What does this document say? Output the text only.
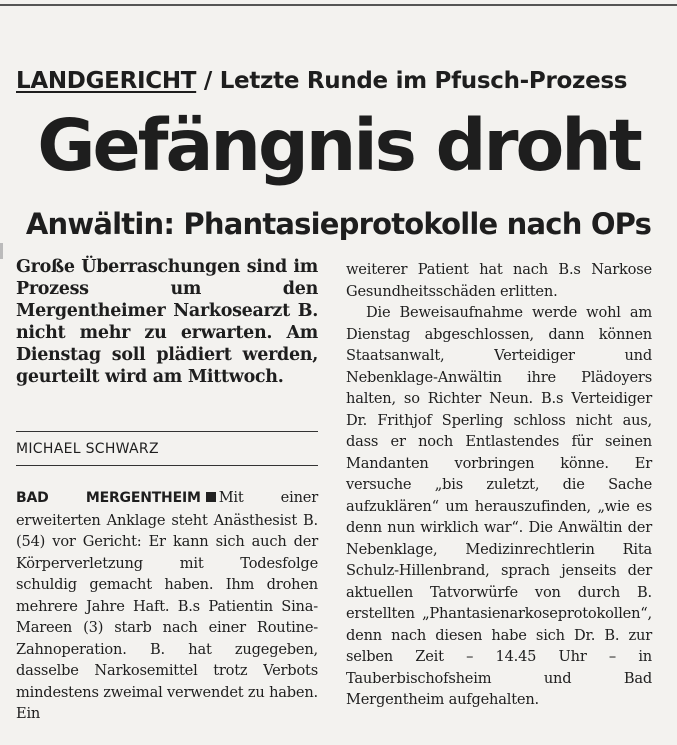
LANDGERICHT / Letzte Runde im Pfusch-Prozess
Gefängnis droht
Anwältin: Phantasieprotokolle nach OPs

Große Überraschungen sind im Prozess um den Mergentheimer Narkosearzt B. nicht mehr zu erwarten. Am Dienstag soll plädiert werden, geurteilt wird am Mittwoch.

MICHAEL SCHWARZ

BAD MERGENTHEIM Mit einer erweiterten Anklage steht Anästhesist B. (54) vor Gericht: Er kann sich auch der Körperverletzung mit Todesfolge schuldig gemacht haben. Ihm drohen mehrere Jahre Haft. B.s Patientin Sina-Mareen (3) starb nach einer Routine-Zahnoperation. B. hat zugegeben, dasselbe Narkosemittel trotz Verbots mindestens zweimal verwendet zu haben. Ein

weiterer Patient hat nach B.s Narkose Gesundheitsschäden erlitten.

Die Beweisaufnahme werde wohl am Dienstag abgeschlossen, dann können Staatsanwalt, Verteidiger und Nebenklage-Anwältin ihre Plädoyers halten, so Richter Neun. B.s Verteidiger Dr. Frithjof Sperling schloss nicht aus, dass er noch Entlastendes für seinen Mandanten vorbringen könne. Er versuche „bis zuletzt, die Sache aufzuklären“ um herauszufinden, „wie es denn nun wirklich war“. Die Anwältin der Nebenklage, Medizinrechtlerin Rita Schulz-Hillenbrand, sprach jenseits der aktuellen Tatvorwürfe von durch B. erstellten „Phantasienarkoseprotokollen“, denn nach diesen habe sich Dr. B. zur selben Zeit – 14.45 Uhr – in Tauberbischofsheim und Bad Mergentheim aufgehalten.
